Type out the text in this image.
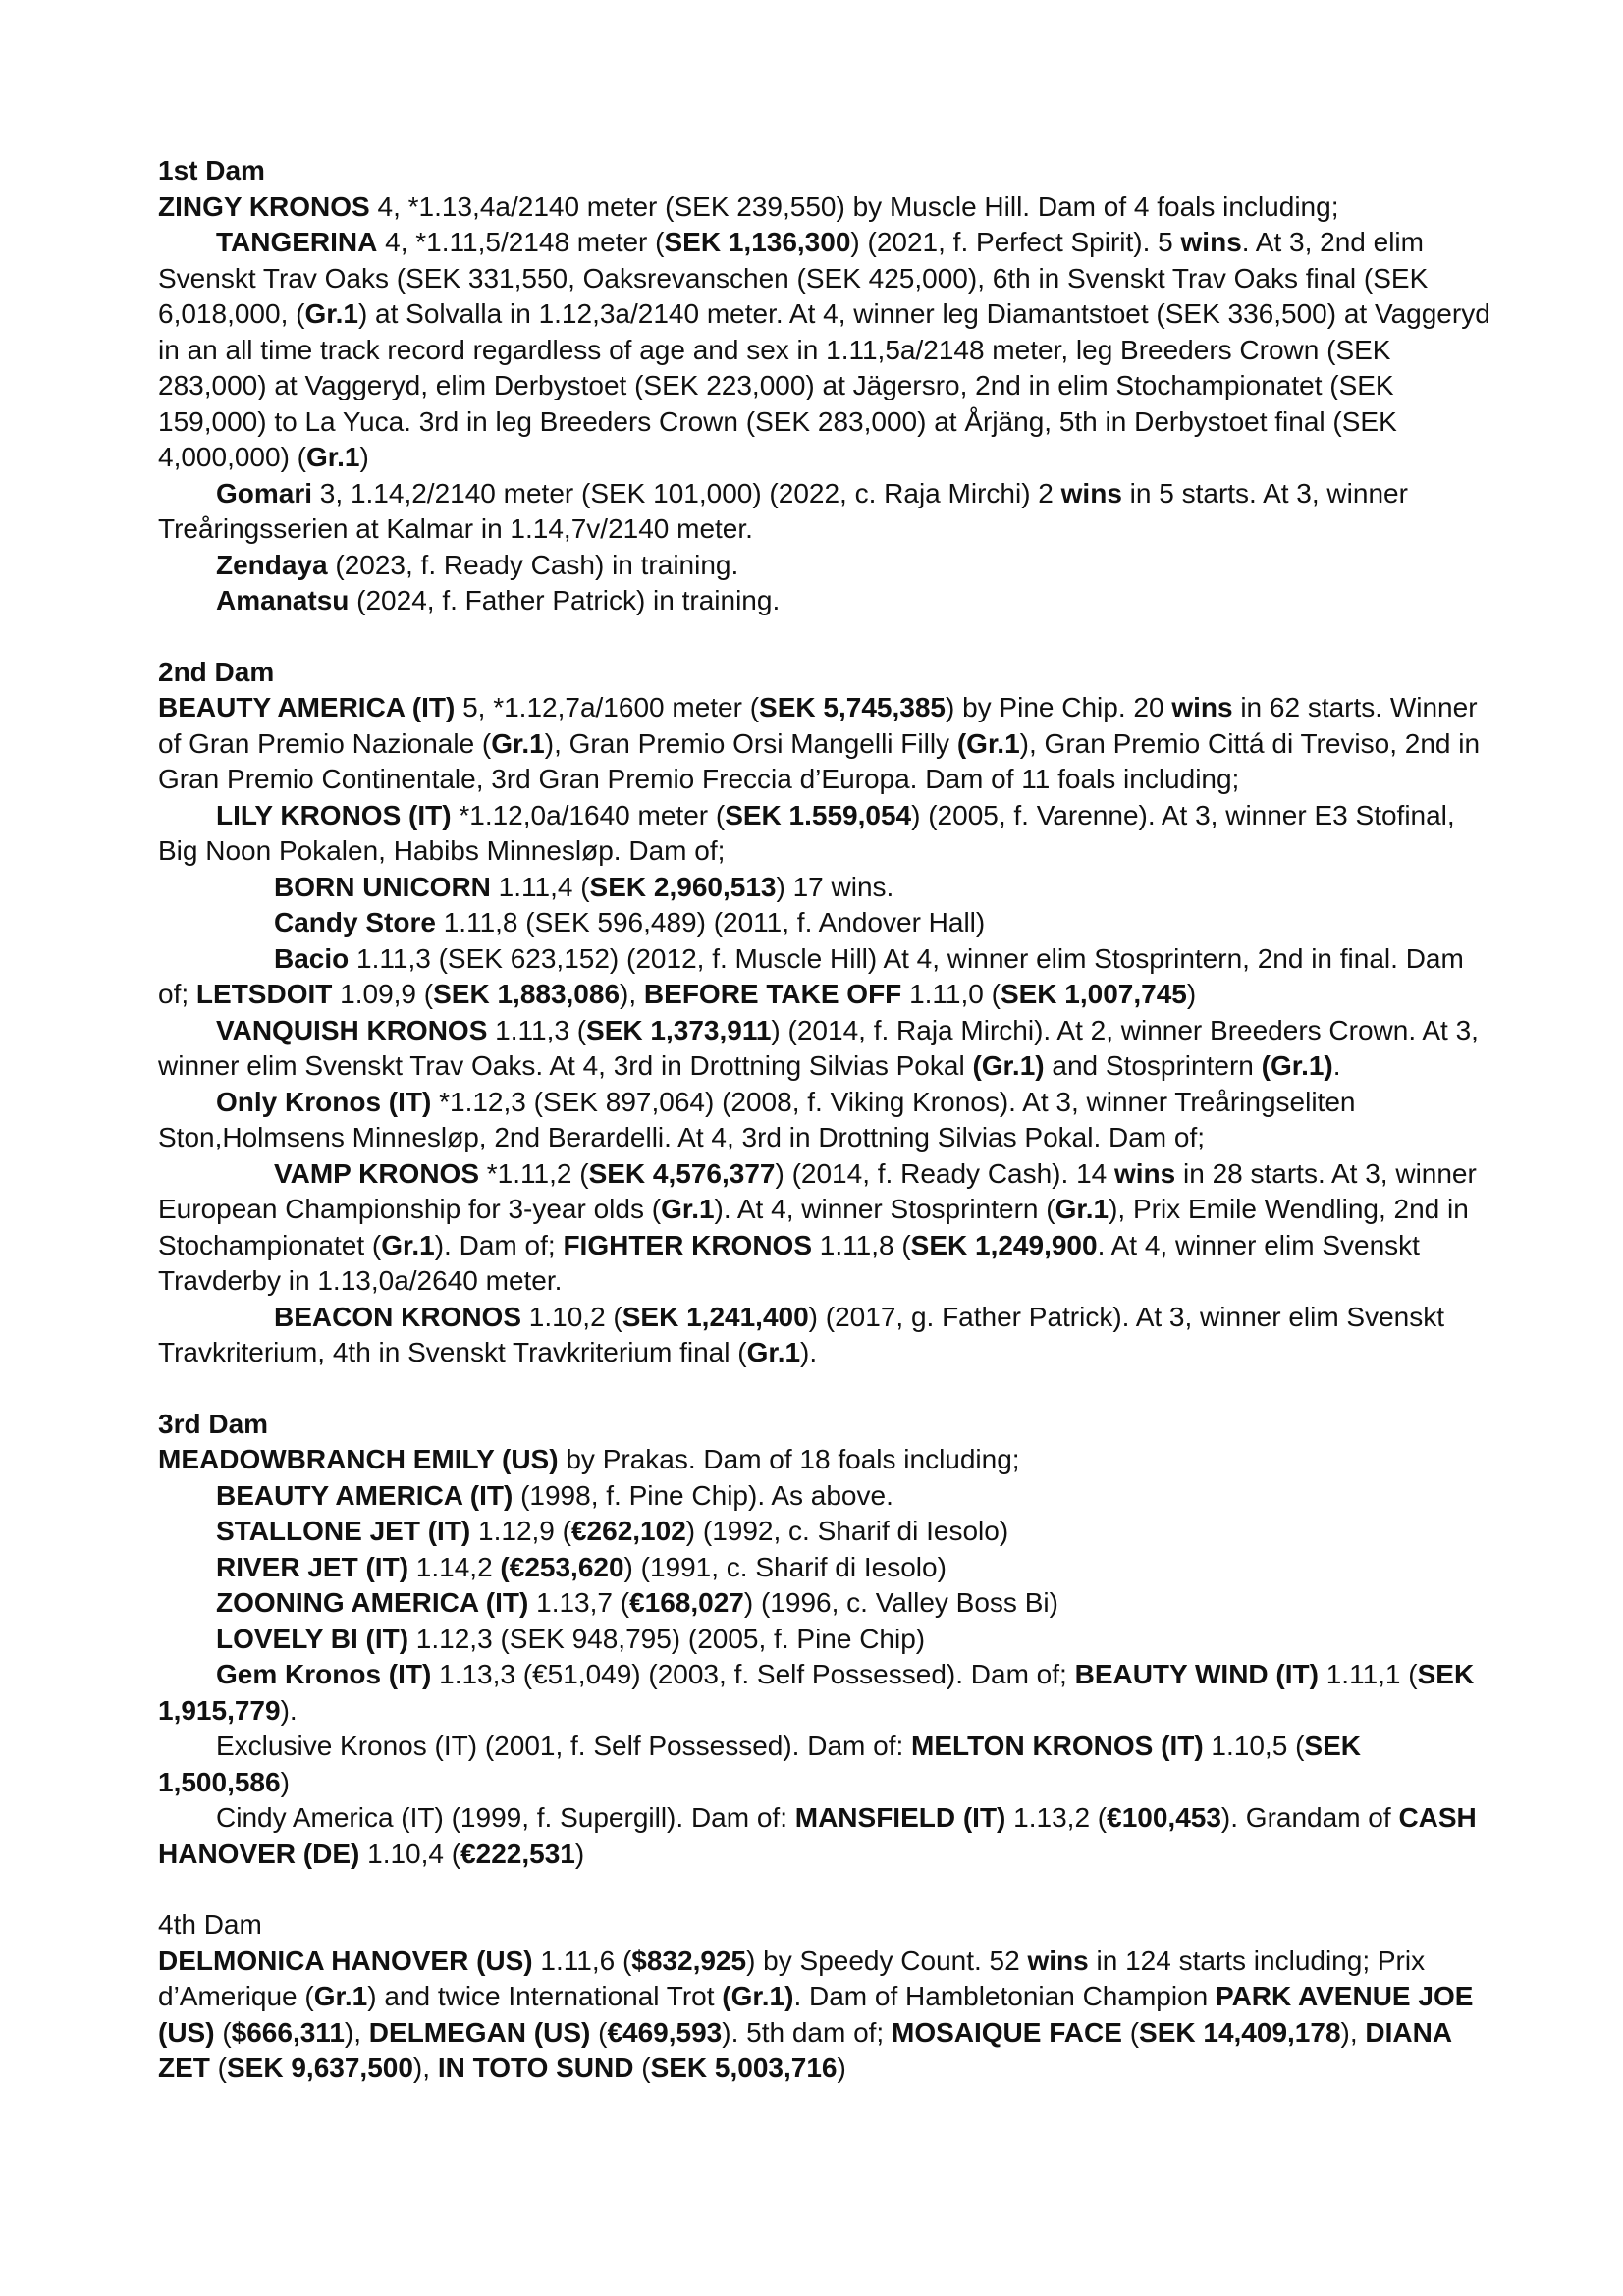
1st Dam

ZINGY KRONOS 4, *1.13,4a/2140 meter (SEK 239,550) by Muscle Hill. Dam of 4 foals including;

TANGERINA 4, *1.11,5/2148 meter (SEK 1,136,300) (2021, f. Perfect Spirit). 5 wins. At 3, 2nd elim Svenskt Trav Oaks (SEK 331,550, Oaksrevanschen (SEK 425,000), 6th in Svenskt Trav Oaks final (SEK 6,018,000, (Gr.1) at Solvalla in 1.12,3a/2140 meter. At 4, winner leg Diamantstoet (SEK 336,500) at Vaggeryd in an all time track record regardless of age and sex in 1.11,5a/2148 meter, leg Breeders Crown (SEK 283,000) at Vaggeryd, elim Derbystoet (SEK 223,000) at Jägersro, 2nd in elim Stochampionatet (SEK 159,000) to La Yuca. 3rd in leg Breeders Crown (SEK 283,000) at Årjäng, 5th in Derbystoet final (SEK 4,000,000) (Gr.1)

Gomari 3, 1.14,2/2140 meter (SEK 101,000) (2022, c. Raja Mirchi) 2 wins in 5 starts. At 3, winner Treåringsserien at Kalmar in 1.14,7v/2140 meter.

Zendaya (2023, f. Ready Cash) in training.

Amanatsu (2024, f. Father Patrick) in training.

2nd Dam

BEAUTY AMERICA (IT) 5, *1.12,7a/1600 meter (SEK 5,745,385) by Pine Chip. 20 wins in 62 starts. Winner of Gran Premio Nazionale (Gr.1), Gran Premio Orsi Mangelli Filly (Gr.1), Gran Premio Cittá di Treviso, 2nd in Gran Premio Continentale, 3rd Gran Premio Freccia d’Europa. Dam of 11 foals including;

LILY KRONOS (IT) *1.12,0a/1640 meter (SEK 1.559,054) (2005, f. Varenne). At 3, winner E3 Stofinal, Big Noon Pokalen, Habibs Minnesløp. Dam of;

BORN UNICORN 1.11,4 (SEK 2,960,513) 17 wins.

Candy Store 1.11,8 (SEK 596,489) (2011, f. Andover Hall)

Bacio 1.11,3 (SEK 623,152) (2012, f. Muscle Hill) At 4, winner elim Stosprintern, 2nd in final. Dam of; LETSDOIT 1.09,9 (SEK 1,883,086), BEFORE TAKE OFF 1.11,0 (SEK 1,007,745)

VANQUISH KRONOS 1.11,3 (SEK 1,373,911) (2014, f. Raja Mirchi). At 2, winner Breeders Crown. At 3, winner elim Svenskt Trav Oaks. At 4, 3rd in Drottning Silvias Pokal (Gr.1) and Stosprintern (Gr.1).

Only Kronos (IT) *1.12,3 (SEK 897,064) (2008, f. Viking Kronos). At 3, winner Treåringseliten Ston,Holmsens Minnesløp, 2nd Berardelli. At 4, 3rd in Drottning Silvias Pokal. Dam of;

VAMP KRONOS *1.11,2 (SEK 4,576,377) (2014, f. Ready Cash). 14 wins in 28 starts. At 3, winner European Championship for 3-year olds (Gr.1). At 4, winner Stosprintern (Gr.1), Prix Emile Wendling, 2nd in Stochampionatet (Gr.1). Dam of; FIGHTER KRONOS 1.11,8 (SEK 1,249,900. At 4, winner elim Svenskt Travderby in 1.13,0a/2640 meter.

BEACON KRONOS 1.10,2 (SEK 1,241,400) (2017, g. Father Patrick). At 3, winner elim Svenskt Travkriterium, 4th in Svenskt Travkriterium final (Gr.1).

3rd Dam

MEADOWBRANCH EMILY (US) by Prakas. Dam of 18 foals including;

BEAUTY AMERICA (IT) (1998, f. Pine Chip). As above.

STALLONE JET (IT) 1.12,9 (€262,102) (1992, c. Sharif di Iesolo)

RIVER JET (IT) 1.14,2 (€253,620) (1991, c. Sharif di Iesolo)

ZOONING AMERICA (IT) 1.13,7 (€168,027) (1996, c. Valley Boss Bi)

LOVELY BI (IT) 1.12,3 (SEK 948,795) (2005, f. Pine Chip)

Gem Kronos (IT) 1.13,3 (€51,049) (2003, f. Self Possessed). Dam of; BEAUTY WIND (IT) 1.11,1 (SEK 1,915,779).

Exclusive Kronos (IT) (2001, f. Self Possessed). Dam of: MELTON KRONOS (IT) 1.10,5 (SEK 1,500,586)

Cindy America (IT) (1999, f. Supergill). Dam of: MANSFIELD (IT) 1.13,2 (€100,453). Grandam of CASH HANOVER (DE) 1.10,4 (€222,531)

4th Dam

DELMONICA HANOVER (US) 1.11,6 ($832,925) by Speedy Count. 52 wins in 124 starts including; Prix d’Amerique (Gr.1) and twice International Trot (Gr.1). Dam of Hambletonian Champion PARK AVENUE JOE (US) ($666,311), DELMEGAN (US) (€469,593). 5th dam of; MOSAIQUE FACE (SEK 14,409,178), DIANA ZET (SEK 9,637,500), IN TOTO SUND (SEK 5,003,716)
